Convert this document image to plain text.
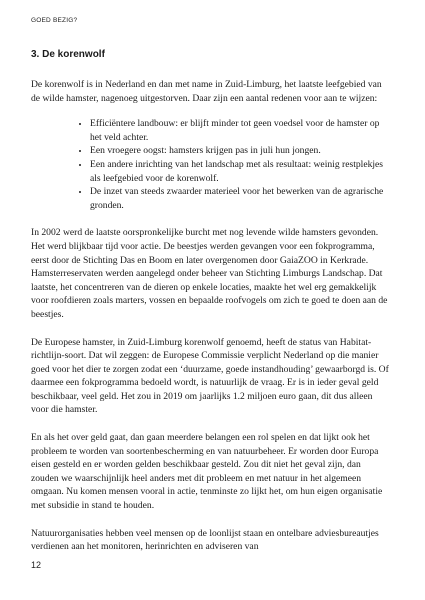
GOED BEZIG?
3. De korenwolf

De korenwolf is in Nederland en dan met name in Zuid-Limburg, het laatste leefgebied van de wilde hamster, nagenoeg uitgestorven. Daar zijn een aantal redenen voor aan te wijzen:

• Efficiëntere landbouw: er blijft minder tot geen voedsel voor de hamster op het veld achter.
• Een vroegere oogst: hamsters krijgen pas in juli hun jongen.
• Een andere inrichting van het landschap met als resultaat: weinig restplekjes als leefgebied voor de korenwolf.
• De inzet van steeds zwaarder materieel voor het bewerken van de agrarische gronden.

In 2002 werd de laatste oorspronkelijke burcht met nog levende wilde hamsters gevonden. Het werd blijkbaar tijd voor actie. De beestjes werden gevangen voor een fokprogramma, eerst door de Stichting Das en Boom en later overgenomen door GaiaZOO in Kerkrade. Hamsterreservaten werden aangelegd onder beheer van Stichting Limburgs Landschap. Dat laatste, het concentreren van de dieren op enkele locaties, maakte het wel erg gemakkelijk voor roofdieren zoals marters, vossen en bepaalde roofvogels om zich te goed te doen aan de beestjes.

De Europese hamster, in Zuid-Limburg korenwolf genoemd, heeft de status van Habitat-richtlijn-soort. Dat wil zeggen: de Europese Commissie verplicht Nederland op die manier goed voor het dier te zorgen zodat een ‘duurzame, goede instandhouding’ gewaarborgd is. Of daarmee een fokprogramma bedoeld wordt, is natuurlijk de vraag. Er is in ieder geval geld beschikbaar, veel geld. Het zou in 2019 om jaarlijks 1.2 miljoen euro gaan, dit dus alleen voor die hamster.

En als het over geld gaat, dan gaan meerdere belangen een rol spelen en dat lijkt ook het probleem te worden van soortenbescherming en van natuurbeheer. Er worden door Europa eisen gesteld en er worden gelden beschikbaar gesteld. Zou dit niet het geval zijn, dan zouden we waarschijnlijk heel anders met dit probleem en met natuur in het algemeen omgaan. Nu komen mensen vooral in actie, tenminste zo lijkt het, om hun eigen organisatie met subsidie in stand te houden.

Natuurorganisaties hebben veel mensen op de loonlijst staan en ontelbare adviesbureautjes verdienen aan het monitoren, herinrichten en adviseren van

12
